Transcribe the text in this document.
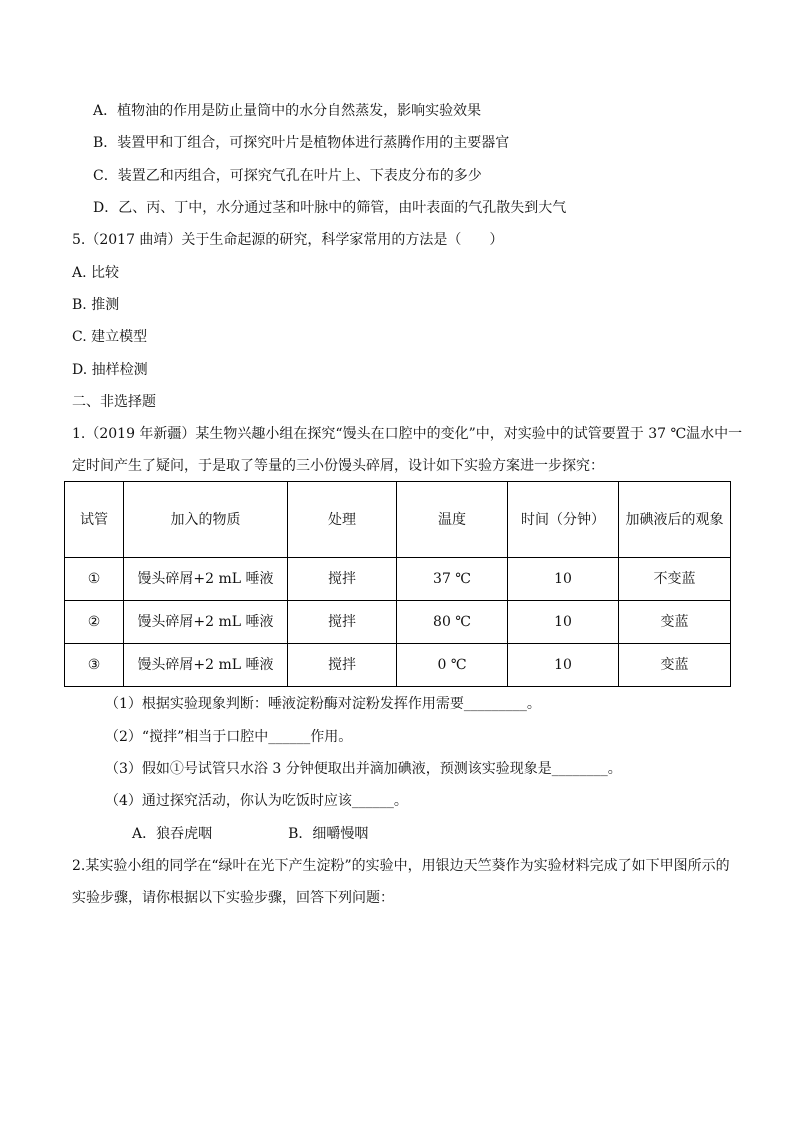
A．植物油的作用是防止量筒中的水分自然蒸发，影响实验效果
B．装置甲和丁组合，可探究叶片是植物体进行蒸腾作用的主要器官
C．装置乙和丙组合，可探究气孔在叶片上、下表皮分布的多少
D．乙、丙、丁中，水分通过茎和叶脉中的筛管，由叶表面的气孔散失到大气
5.（2017 曲靖）关于生命起源的研究，科学家常用的方法是（　　）
A. 比较
B. 推测
C. 建立模型
D. 抽样检测
二、非选择题
1.（2019 年新疆）某生物兴趣小组在探究“馒头在口腔中的变化”中，对实验中的试管要置于 37 ℃温水中一
定时间产生了疑问，于是取了等量的三小份馒头碎屑，设计如下实验方案进一步探究：
试管	加入的物质	处理	温度	时间（分钟）	加碘液后的观象
①	馒头碎屑+2 mL 唾液	搅拌	37 ℃	10	不变蓝
②	馒头碎屑+2 mL 唾液	搅拌	80 ℃	10	变蓝
③	馒头碎屑+2 mL 唾液	搅拌	0 ℃	10	变蓝
（1）根据实验现象判断：唾液淀粉酶对淀粉发挥作用需要_________。
（2）“搅拌”相当于口腔中______作用。
（3）假如①号试管只水浴 3 分钟便取出并滴加碘液，预测该实验现象是________。
（4）通过探究活动，你认为吃饭时应该______。
A．狼吞虎咽	B．细嚼慢咽
2.某实验小组的同学在“绿叶在光下产生淀粉”的实验中，用银边天竺葵作为实验材料完成了如下甲图所示的
实验步骤，请你根据以下实验步骤，回答下列问题：
